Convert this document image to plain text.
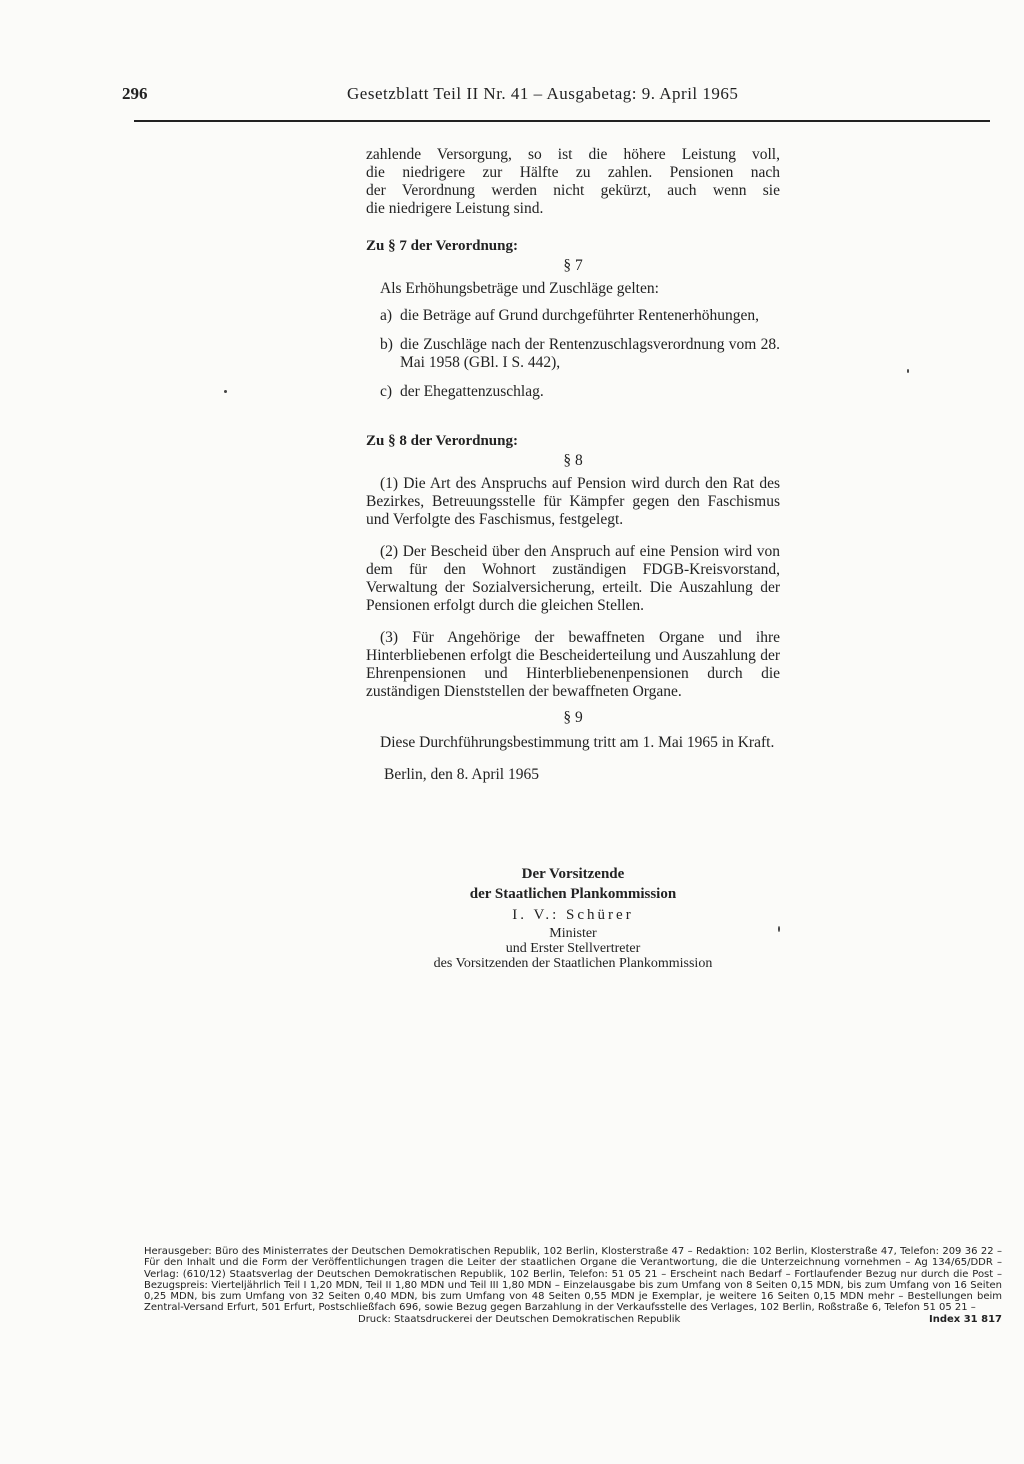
296	Gesetzblatt Teil II Nr. 41 – Ausgabetag: 9. April 1965

zahlende Versorgung, so ist die höhere Leistung voll,

die niedrigere zur Hälfte zu zahlen. Pensionen nach

der Verordnung werden nicht gekürzt, auch wenn sie

die niedrigere Leistung sind.

Zu § 7 der Verordnung:

§ 7

Als Erhöhungsbeträge und Zuschläge gelten:

a) die Beträge auf Grund durchgeführter Rentenerhöhungen,
b) die Zuschläge nach der Rentenzuschlagsverordnung vom 28. Mai 1958 (GBl. I S. 442),
c) der Ehegattenzuschlag.

Zu § 8 der Verordnung:

§ 8

(1) Die Art des Anspruchs auf Pension wird durch den Rat des Bezirkes, Betreuungsstelle für Kämpfer gegen den Faschismus und Verfolgte des Faschismus, festgelegt.

(2) Der Bescheid über den Anspruch auf eine Pension wird von dem für den Wohnort zuständigen FDGB-Kreisvorstand, Verwaltung der Sozialversicherung, erteilt. Die Auszahlung der Pensionen erfolgt durch die gleichen Stellen.

(3) Für Angehörige der bewaffneten Organe und ihre Hinterbliebenen erfolgt die Bescheiderteilung und Auszahlung der Ehrenpensionen und Hinterbliebenenpensionen durch die zuständigen Dienststellen der bewaffneten Organe.

§ 9

Diese Durchführungsbestimmung tritt am 1. Mai 1965 in Kraft.

Berlin, den 8. April 1965

Der Vorsitzende
der Staatlichen Plankommission
I. V.: Schürer
Minister
und Erster Stellvertreter
des Vorsitzenden der Staatlichen Plankommission

Herausgeber: Büro des Ministerrates der Deutschen Demokratischen Republik, 102 Berlin, Klosterstraße 47 – Redaktion: 102 Berlin, Klosterstraße 47, Telefon: 209 36 22 – Für den Inhalt und die Form der Veröffentlichungen tragen die Leiter der staatlichen Organe die Verantwortung, die die Unterzeichnung vornehmen – Ag 134/65/DDR – Verlag: (610/12) Staatsverlag der Deutschen Demokratischen Republik, 102 Berlin, Telefon: 51 05 21 – Erscheint nach Bedarf – Fortlaufender Bezug nur durch die Post – Bezugspreis: Vierteljährlich Teil I 1,20 MDN, Teil II 1,80 MDN und Teil III 1,80 MDN – Einzelausgabe bis zum Umfang von 8 Seiten 0,15 MDN, bis zum Umfang von 16 Seiten 0,25 MDN, bis zum Umfang von 32 Seiten 0,40 MDN, bis zum Umfang von 48 Seiten 0,55 MDN je Exemplar, je weitere 16 Seiten 0,15 MDN mehr – Bestellungen beim Zentral-Versand Erfurt, 501 Erfurt, Postschließfach 696, sowie Bezug gegen Barzahlung in der Verkaufsstelle des Verlages, 102 Berlin, Roßstraße 6, Telefon 51 05 21 –

Druck: Staatsdruckerei der Deutschen Demokratischen Republik	Index 31 817
